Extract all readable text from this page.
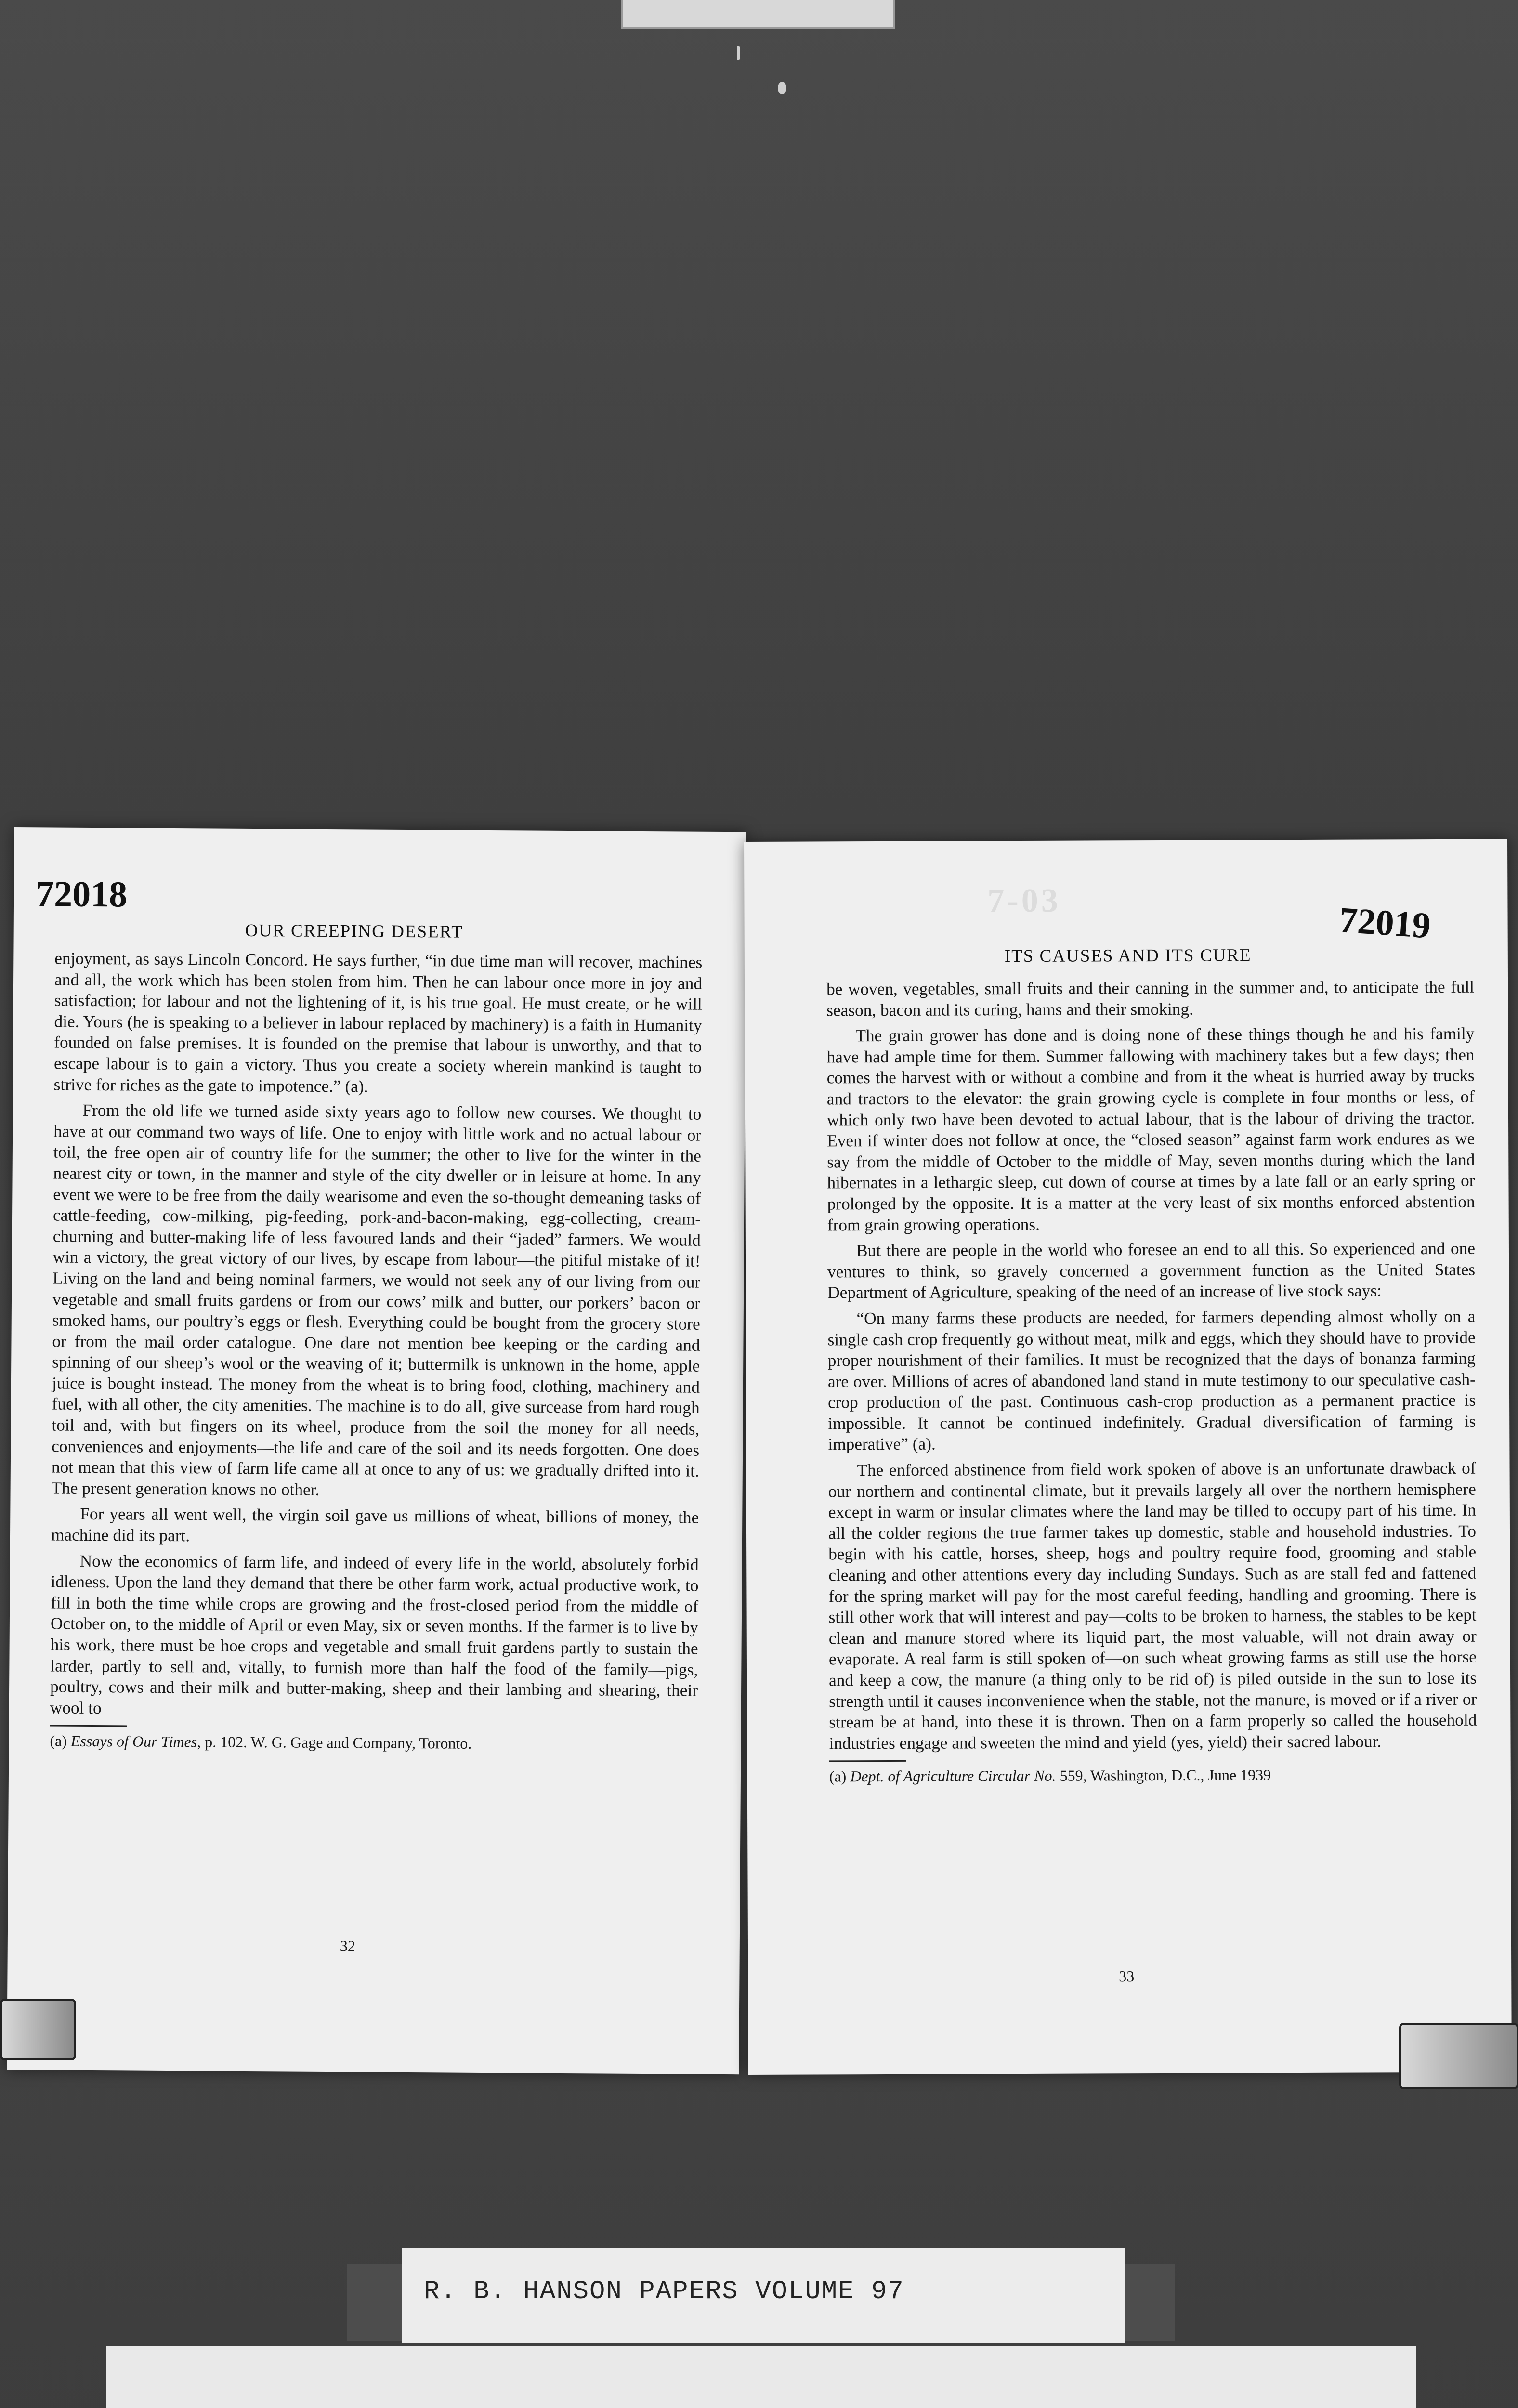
72018
OUR CREEPING DESERT

enjoyment, as says Lincoln Concord. He says further, “in due time man will recover, machines and all, the work which has been stolen from him. Then he can labour once more in joy and satisfaction; for labour and not the lightening of it, is his true goal. He must create, or he will die. Yours (he is speaking to a believer in labour replaced by machinery) is a faith in Humanity founded on false premises. It is founded on the premise that labour is unworthy, and that to escape labour is to gain a victory. Thus you create a society wherein mankind is taught to strive for riches as the gate to impotence.” (a).

From the old life we turned aside sixty years ago to follow new courses. We thought to have at our command two ways of life. One to enjoy with little work and no actual labour or toil, the free open air of country life for the summer; the other to live for the winter in the nearest city or town, in the manner and style of the city dweller or in leisure at home. In any event we were to be free from the daily wearisome and even the so-thought demeaning tasks of cattle-feeding, cow-milking, pig-feeding, pork-and-bacon-making, egg-collecting, cream-churning and butter-making life of less favoured lands and their “jaded” farmers. We would win a victory, the great victory of our lives, by escape from labour—the pitiful mistake of it! Living on the land and being nominal farmers, we would not seek any of our living from our vegetable and small fruits gardens or from our cows’ milk and butter, our porkers’ bacon or smoked hams, our poultry’s eggs or flesh. Everything could be bought from the grocery store or from the mail order catalogue. One dare not mention bee keeping or the carding and spinning of our sheep’s wool or the weaving of it; buttermilk is unknown in the home, apple juice is bought instead. The money from the wheat is to bring food, clothing, machinery and fuel, with all other, the city amenities. The machine is to do all, give surcease from hard rough toil and, with but fingers on its wheel, produce from the soil the money for all needs, conveniences and enjoyments—the life and care of the soil and its needs forgotten. One does not mean that this view of farm life came all at once to any of us: we gradually drifted into it. The present generation knows no other.

For years all went well, the virgin soil gave us millions of wheat, billions of money, the machine did its part.

Now the economics of farm life, and indeed of every life in the world, absolutely forbid idleness. Upon the land they demand that there be other farm work, actual productive work, to fill in both the time while crops are growing and the frost-closed period from the middle of October on, to the middle of April or even May, six or seven months. If the farmer is to live by his work, there must be hoe crops and vegetable and small fruit gardens partly to sustain the larder, partly to sell and, vitally, to furnish more than half the food of the family—pigs, poultry, cows and their milk and butter-making, sheep and their lambing and shearing, their wool to

(a) Essays of Our Times, p. 102. W. G. Gage and Company, Toronto.

32
7-03	72019
ITS CAUSES AND ITS CURE

be woven, vegetables, small fruits and their canning in the summer and, to anticipate the full season, bacon and its curing, hams and their smoking.

The grain grower has done and is doing none of these things though he and his family have had ample time for them. Summer fallowing with machinery takes but a few days; then comes the harvest with or without a combine and from it the wheat is hurried away by trucks and tractors to the elevator: the grain growing cycle is complete in four months or less, of which only two have been devoted to actual labour, that is the labour of driving the tractor. Even if winter does not follow at once, the “closed season” against farm work endures as we say from the middle of October to the middle of May, seven months during which the land hibernates in a lethargic sleep, cut down of course at times by a late fall or an early spring or prolonged by the opposite. It is a matter at the very least of six months enforced abstention from grain growing operations.

But there are people in the world who foresee an end to all this. So experienced and one ventures to think, so gravely concerned a government function as the United States Department of Agriculture, speaking of the need of an increase of live stock says:

“On many farms these products are needed, for farmers depending almost wholly on a single cash crop frequently go without meat, milk and eggs, which they should have to provide proper nourishment of their families. It must be recognized that the days of bonanza farming are over. Millions of acres of abandoned land stand in mute testimony to our speculative cash-crop production of the past. Continuous cash-crop production as a permanent practice is impossible. It cannot be continued indefinitely. Gradual diversification of farming is imperative” (a).

The enforced abstinence from field work spoken of above is an unfortunate drawback of our northern and continental climate, but it prevails largely all over the northern hemisphere except in warm or insular climates where the land may be tilled to occupy part of his time. In all the colder regions the true farmer takes up domestic, stable and household industries. To begin with his cattle, horses, sheep, hogs and poultry require food, grooming and stable cleaning and other attentions every day including Sundays. Such as are stall fed and fattened for the spring market will pay for the most careful feeding, handling and grooming. There is still other work that will interest and pay—colts to be broken to harness, the stables to be kept clean and manure stored where its liquid part, the most valuable, will not drain away or evaporate. A real farm is still spoken of—on such wheat growing farms as still use the horse and keep a cow, the manure (a thing only to be rid of) is piled outside in the sun to lose its strength until it causes inconvenience when the stable, not the manure, is moved or if a river or stream be at hand, into these it is thrown. Then on a farm properly so called the household industries engage and sweeten the mind and yield (yes, yield) their sacred labour.

(a) Dept. of Agriculture Circular No. 559, Washington, D.C., June 1939

33
R. B. HANSON PAPERS VOLUME 97
